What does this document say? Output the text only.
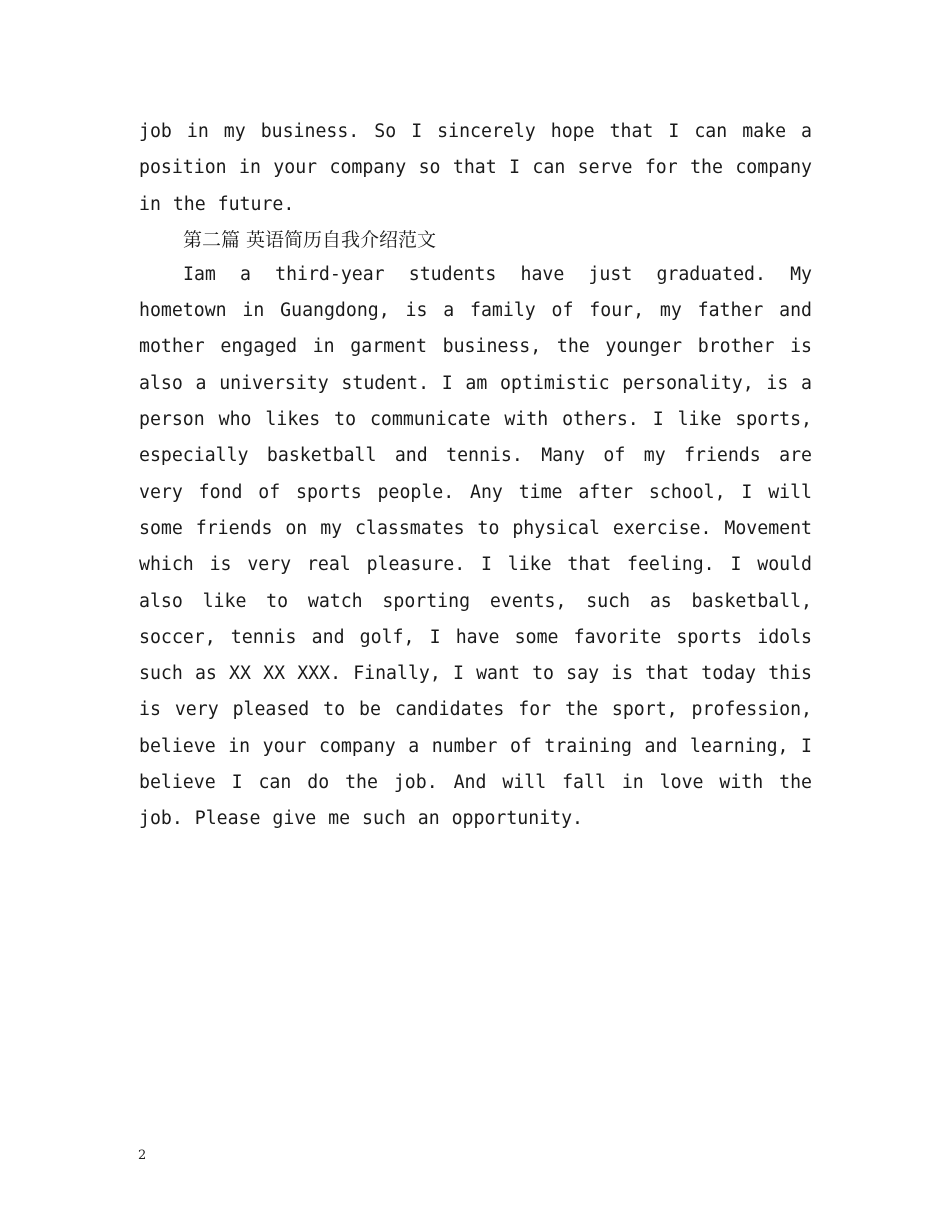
job in my business. So I sincerely hope that I can make a position in your company so that I can serve for the company in the future.

第二篇 英语简历自我介绍范文

Iam a third-year students have just graduated. My hometown in Guangdong, is a family of four, my father and mother engaged in garment business, the younger brother is also a university student. I am optimistic personality, is a person who likes to communicate with others. I like sports, especially basketball and tennis. Many of my friends are very fond of sports people. Any time after school, I will some friends on my classmates to physical exercise. Movement which is very real pleasure. I like that feeling. I would also like to watch sporting events, such as basketball, soccer, tennis and golf, I have some favorite sports idols such as XX XX XXX. Finally, I want to say is that today this is very pleased to be candidates for the sport, profession, believe in your company a number of training and learning, I believe I can do the job. And will fall in love with the job. Please give me such an opportunity.

2
